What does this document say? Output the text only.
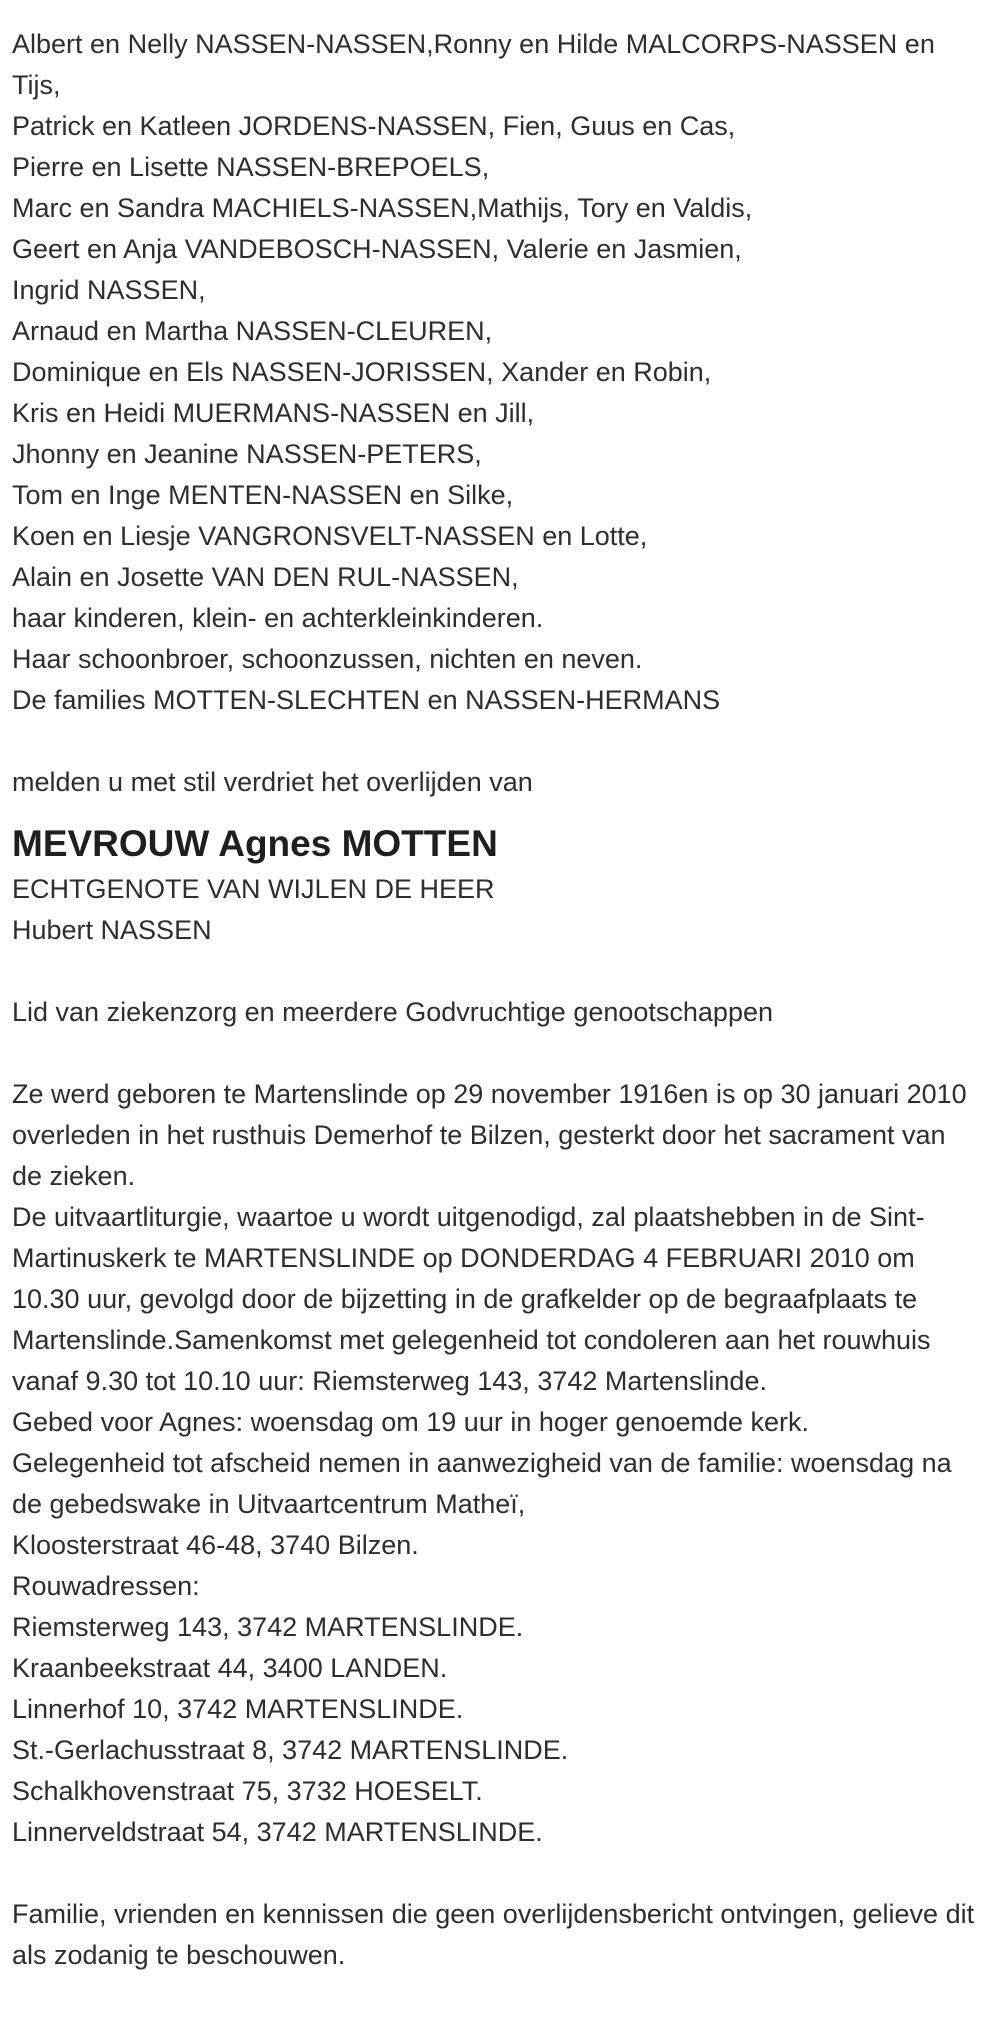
Albert en Nelly NASSEN-NASSEN,Ronny en Hilde MALCORPS-NASSEN en Tijs,

Patrick en Katleen JORDENS-NASSEN, Fien, Guus en Cas,

Pierre en Lisette NASSEN-BREPOELS,

Marc en Sandra MACHIELS-NASSEN,Mathijs, Tory en Valdis,

Geert en Anja VANDEBOSCH-NASSEN, Valerie en Jasmien,

Ingrid NASSEN,

Arnaud en Martha NASSEN-CLEUREN,

Dominique en Els NASSEN-JORISSEN, Xander en Robin,

Kris en Heidi MUERMANS-NASSEN en Jill,

Jhonny en Jeanine NASSEN-PETERS,

Tom en Inge MENTEN-NASSEN en Silke,

Koen en Liesje VANGRONSVELT-NASSEN en Lotte,

Alain en Josette VAN DEN RUL-NASSEN,

haar kinderen, klein- en achterkleinkinderen.

Haar schoonbroer, schoonzussen, nichten en neven.

De families MOTTEN-SLECHTEN en NASSEN-HERMANS

melden u met stil verdriet het overlijden van

MEVROUW Agnes MOTTEN

ECHTGENOTE VAN WIJLEN DE HEER

Hubert NASSEN

Lid van ziekenzorg en meerdere Godvruchtige genootschappen

Ze werd geboren te Martenslinde op 29 november 1916en is op 30 januari 2010 overleden in het rusthuis Demerhof te Bilzen, gesterkt door het sacrament van de zieken.

De uitvaartliturgie, waartoe u wordt uitgenodigd, zal plaatshebben in de Sint-Martinuskerk te MARTENSLINDE op DONDERDAG 4 FEBRUARI 2010 om 10.30 uur, gevolgd door de bijzetting in de grafkelder op de begraafplaats te Martenslinde.Samenkomst met gelegenheid tot condoleren aan het rouwhuis

vanaf 9.30 tot 10.10 uur: Riemsterweg 143, 3742 Martenslinde.

Gebed voor Agnes: woensdag om 19 uur in hoger genoemde kerk.

Gelegenheid tot afscheid nemen in aanwezigheid van de familie: woensdag na de gebedswake in Uitvaartcentrum Matheï,

Kloosterstraat 46-48, 3740 Bilzen.

Rouwadressen:

Riemsterweg 143, 3742 MARTENSLINDE.

Kraanbeekstraat 44, 3400 LANDEN.

Linnerhof 10, 3742 MARTENSLINDE.

St.-Gerlachusstraat 8, 3742 MARTENSLINDE.

Schalkhovenstraat 75, 3732 HOESELT.

Linnerveldstraat 54, 3742 MARTENSLINDE.

Familie, vrienden en kennissen die geen overlijdensbericht ontvingen, gelieve dit als zodanig te beschouwen.
